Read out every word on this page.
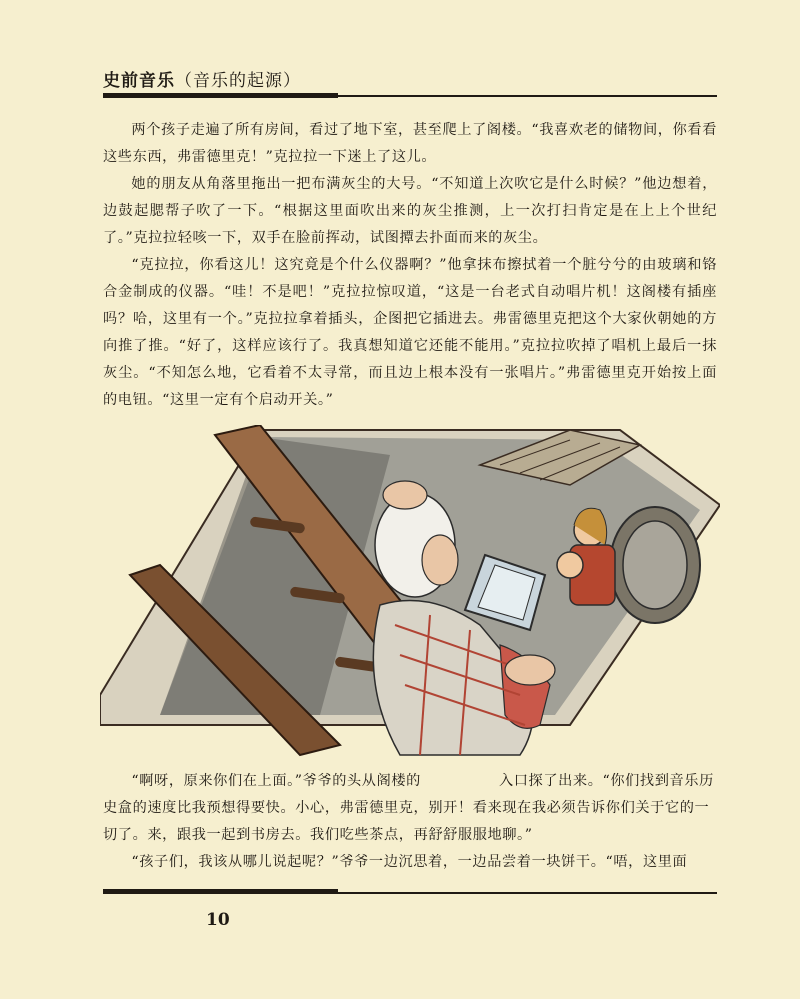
史前音乐（音乐的起源）

两个孩子走遍了所有房间，看过了地下室，甚至爬上了阁楼。“我喜欢老的储物间，你看看这些东西，弗雷德里克！”克拉拉一下迷上了这儿。

她的朋友从角落里拖出一把布满灰尘的大号。“不知道上次吹它是什么时候？”他边想着，边鼓起腮帮子吹了一下。“根据这里面吹出来的灰尘推测，上一次打扫肯定是在上上个世纪了。”克拉拉轻咳一下，双手在脸前挥动，试图撢去扑面而来的灰尘。

“克拉拉，你看这儿！这究竟是个什么仪器啊？”他拿抹布擦拭着一个脏兮兮的由玻璃和铬合金制成的仪器。“哇！不是吧！”克拉拉惊叹道，“这是一台老式自动唱片机！这阁楼有插座吗？哈，这里有一个。”克拉拉拿着插头，企图把它插进去。弗雷德里克把这个大家伙朝她的方向推了推。“好了，这样应该行了。我真想知道它还能不能用。”克拉拉吹掉了唱机上最后一抹灰尘。“不知怎么地，它看着不太寻常，而且边上根本没有一张唱片。”弗雷德里克开始按上面的电钮。“这里一定有个启动开关。”

“啊呀，原来你们在上面。”爷爷的头从阁楼的	入口探了出来。“你们找到音乐历史盒的速度比我预想得要快。小心，弗雷德里克，别开！看来现在我必须告诉你们关于它的一切了。来，跟我一起到书房去。我们吃些茶点，再舒舒服服地聊。”

“孩子们，我该从哪儿说起呢？”爷爷一边沉思着，一边品尝着一块饼干。“唔，这里面

10
